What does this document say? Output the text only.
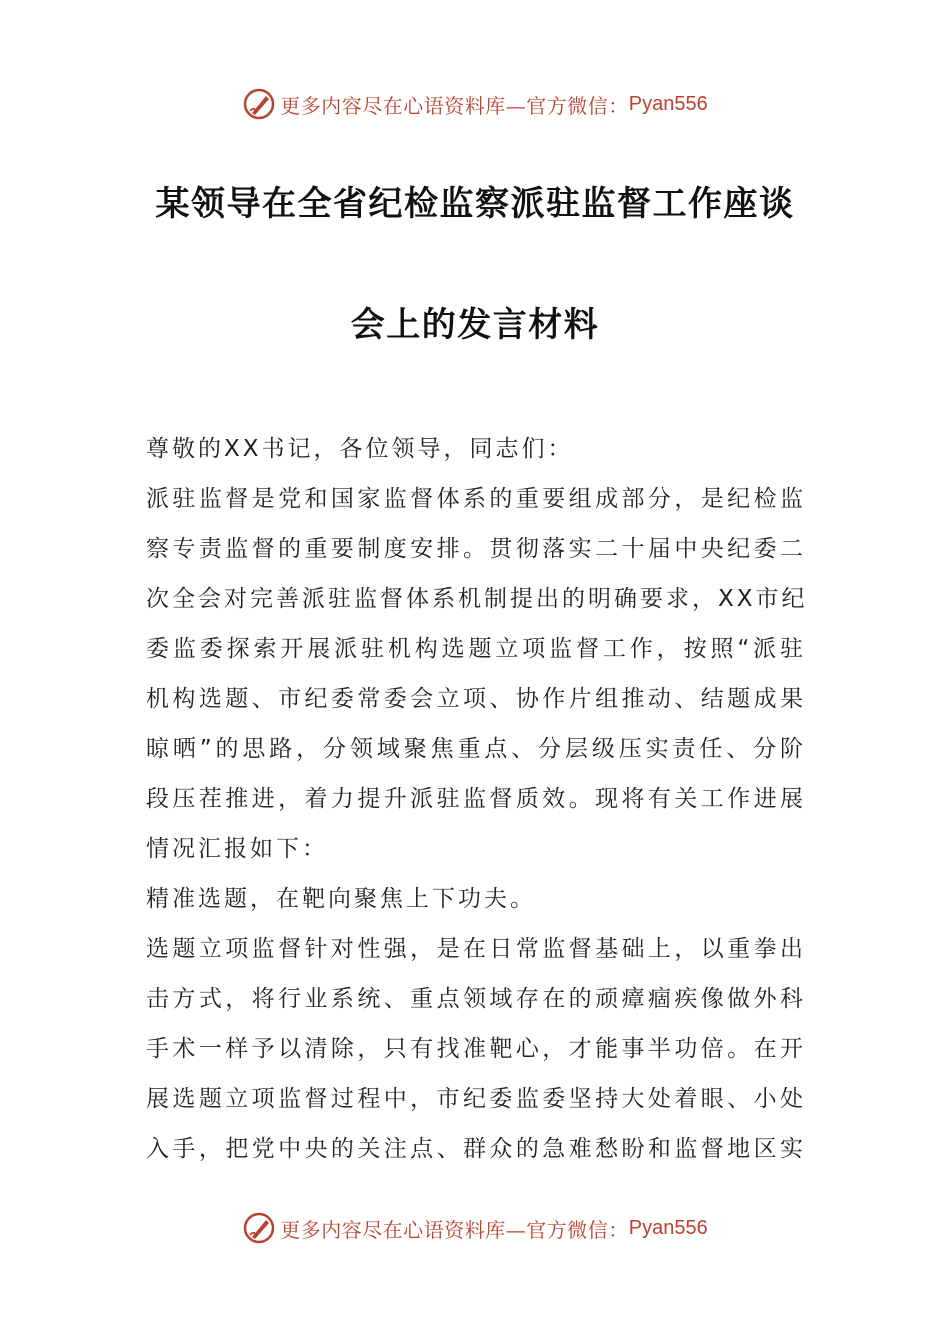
更多内容尽在心语资料库— 官方微信： Pyan556
某领导在全省纪检监察派驻监督工作座谈
会上的发言材料

尊敬的XX书记，各位领导，同志们：

派驻监督是党和国家监督体系的重要组成部分，是纪检监
察专责监督的重要制度安排。贯彻落实二十届中央纪委二
次全会对完善派驻监督体系机制提出的明确要求，XX市纪
委监委探索开展派驻机构选题立项监督工作，按照“派驻
机构选题、市纪委常委会立项、协作片组推动、结题成果
晾晒”的思路，分领域聚焦重点、分层级压实责任、分阶
段压茬推进，着力提升派驻监督质效。现将有关工作进展
情况汇报如下：

精准选题，在靶向聚焦上下功夫。

选题立项监督针对性强，是在日常监督基础上，以重拳出
击方式，将行业系统、重点领域存在的顽瘴痼疾像做外科
手术一样予以清除，只有找准靶心，才能事半功倍。在开
展选题立项监督过程中，市纪委监委坚持大处着眼、小处
入手，把党中央的关注点、群众的急难愁盼和监督地区实

更多内容尽在心语资料库— 官方微信： Pyan556
